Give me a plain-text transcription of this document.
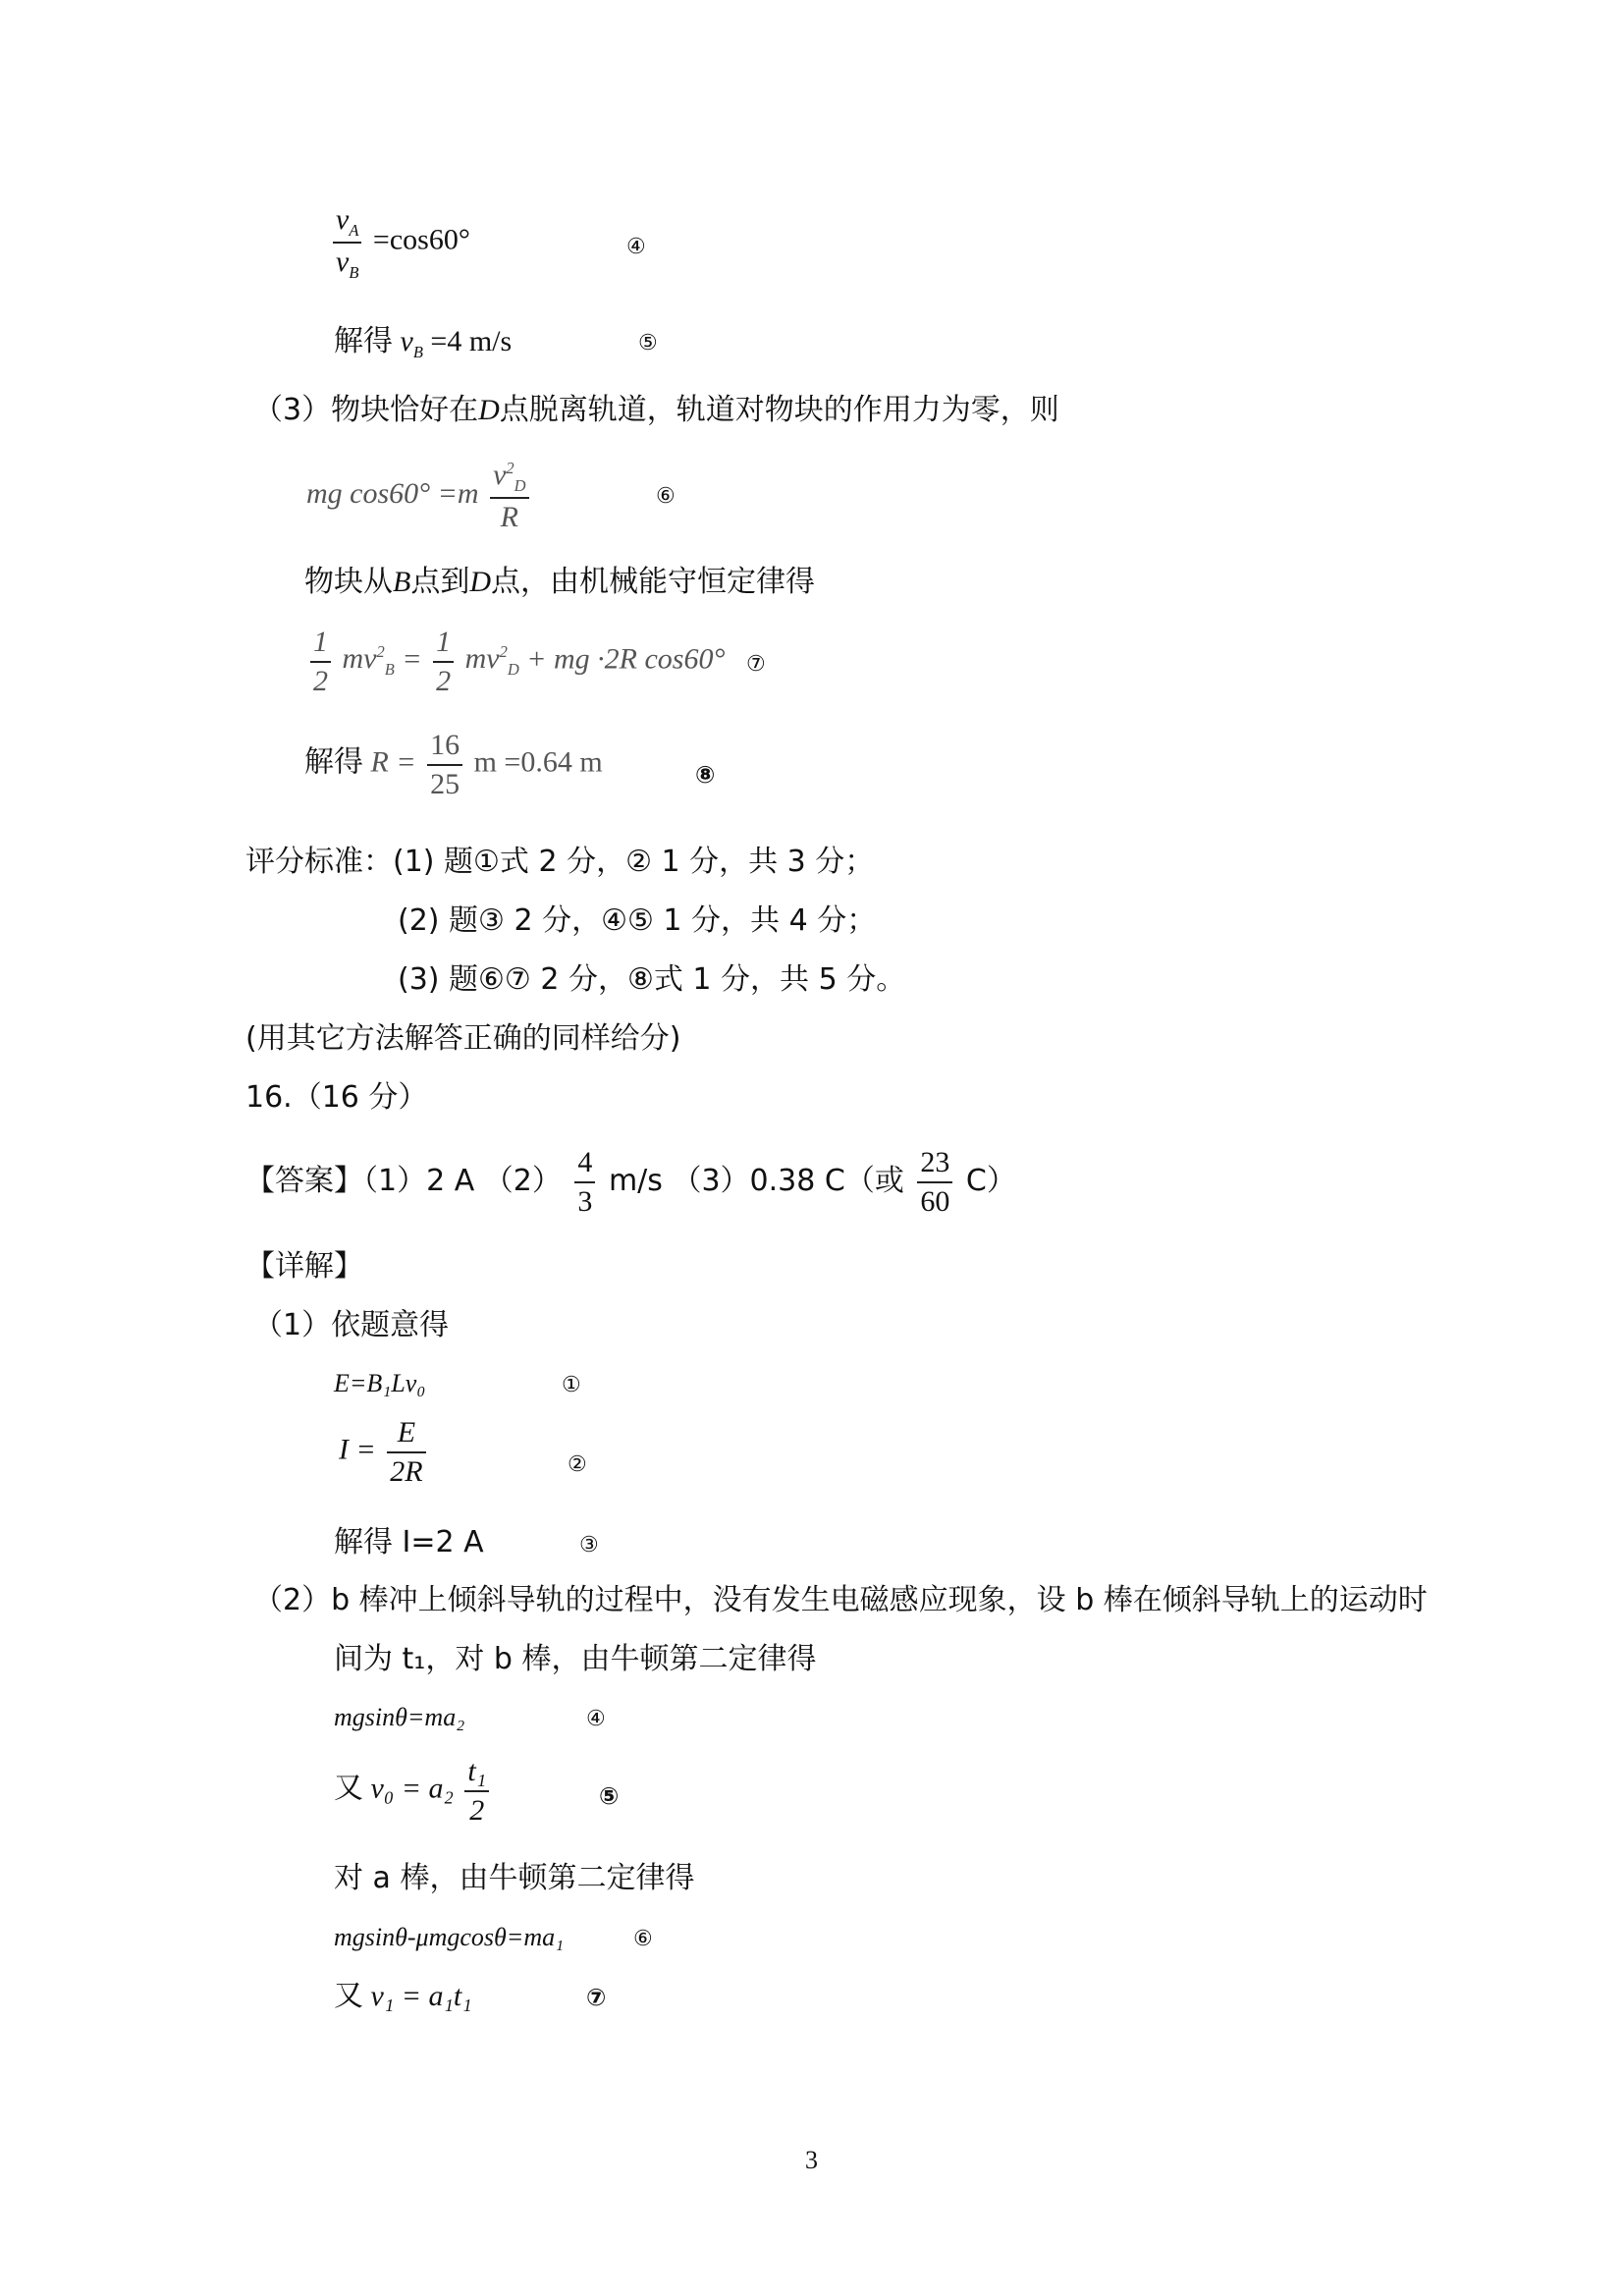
$\frac{v_A}{v_B} =\cos 60^\circ$	④
解得 $v_B =4$ m/s	⑤
（3）物块恰好在D点脱离轨道，轨道对物块的作用力为零，则
mg $\cos 60^\circ =m \frac{v^2_D}{R}$	⑥
物块从B点到D点，由机械能守恒定律得
$\frac{1}{2} mv^2_B = \frac{1}{2} mv^2_D$ + mg ·2R cos60° ⑦
解得 $R = \frac{16}{25}$ m =0.64 m	⑧
评分标准：(1) 题①式 2 分，② 1 分，共 3 分；
(2) 题③ 2 分，④⑤ 1 分，共 4 分；
(3) 题⑥⑦ 2 分，⑧式 1 分，共 5 分。
(用其它方法解答正确的同样给分)
16.（16 分）
【答案】（1）2 A $(2) \frac{4}{3} m/s$ （3）0.38 C（或 $\frac{23}{60} C$）
【详解】
（1）依题意得
E=B₁Lv₀	①
$I = \frac{E}{2R}$	②
解得 I=2 A	③
（2）b 棒冲上倾斜导轨的过程中，没有发生电磁感应现象，设 b 棒在倾斜导轨上的运动时
间为 t₁，对 b 棒，由牛顿第二定律得
mgsinθ=ma₂	④
又 $v_0 = a_2 \frac{\text{t₁}}{2}$	⑤
对 a 棒，由牛顿第二定律得
mgsinθ-μmgcosθ=ma₁	⑥
又 v₁ = a₁t₁	⑦
3
